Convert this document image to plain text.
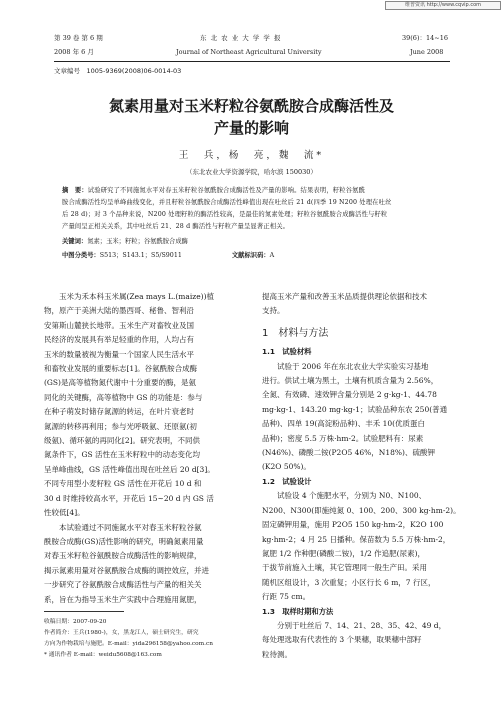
维普资讯 http://www.cqvip.com
第 39 卷 第 6 期	东 北 农 业 大 学 学 报	39(6)：14~16
2008 年 6 月	Journal of Northeast Agricultural University	June 2008
文章编号　1005-9369(2008)06-0014-03
氮素用量对玉米籽粒谷氨酰胺合成酶活性及
产量的影响
王　兵，杨　亮，魏　流*
（东北农业大学资源学院，哈尔滨 150030）
摘　要：试验研究了不同施氮水平对春玉米籽粒谷氨酰胺合成酶活性及产量的影响。结果表明，籽粒谷氨酰
胺合成酶活性均呈单峰曲线变化，并且籽粒谷氨酰胺合成酶活性峰值出现在吐丝后 21 d(四季 19 N200 处理在吐丝
后 28 d)；对 3 个品种来说，N200 处理籽粒的酶活性较高，是最佳的氮素处理；籽粒谷氨酰胺合成酶活性与籽粒
产量间呈正相关关系，其中吐丝后 21、28 d 酶活性与籽粒产量呈显著正相关。
关键词：氮素；玉米；籽粒；谷氨酰胺合成酶
中图分类号：S513；S143.1；S5/S9011	文献标识码：A
玉米为禾本科玉米属(Zea mays L.(maize))植
物，原产于美洲大陆的墨西哥、秘鲁、智利沿
安第斯山麓狭长地带。玉米生产对畜牧业及国
民经济的发展具有举足轻重的作用，人均占有
玉米的数量被视为衡量一个国家人民生活水平
和畜牧业发展的重要标志[1]。谷氨酰胺合成酶
(GS)是高等植物氮代谢中十分重要的酶，是氨
同化的关键酶，高等植物中 GS 的功能是：参与
在种子萌发时储存氮源的转运，在叶片衰老时
氮源的转移再利用；参与光呼吸氨、还原氨(初
级氨)、循环氨的再同化[2]。研究表明，不同供
氮条件下，GS 活性在玉米籽粒中的动态变化均
呈单峰曲线，GS 活性峰值出现在吐丝后 20 d[3]。
不同专用型小麦籽粒 GS 活性在开花后 10 d 和
30 d 时维持较高水平，开花后 15~20 d 内 GS 活
性较低[4]。
本试验通过不同施氮水平对春玉米籽粒谷氨
酰胺合成酶(GS)活性影响的研究，明确氮素用量
对春玉米籽粒谷氨酰胺合成酶活性的影响规律，
揭示氮素用量对谷氨酰胺合成酶的调控效应，并进
一步研究了谷氨酰胺合成酶活性与产量的相关关
系，旨在为指导玉米生产实践中合理施用氮肥，
收稿日期：2007-09-20
作者简介：王兵(1980-)，女，黑龙江人，硕士研究生，研究
方向为作物栽培与施肥。E-mail：yida296158@yahoo.com.cn
* 通讯作者 E-mail：weidu5608@163.com
提高玉米产量和改善玉米品质提供理论依据和技术
支持。
1　材料与方法
1.1　试验材料
试验于 2006 年在东北农业大学实验实习基地
进行。供试土壤为黑土，土壤有机质含量为 2.56%，
全氮、有效磷、速效钾含量分别是 2 g·kg-1、44.78
mg·kg-1、143.20 mg·kg-1；试验品种东农 250(普通
品种)、四单 19(高淀粉品种)、丰禾 10(优质蛋白
品种)；密度 5.5 万株·hm-2。试验肥料有：尿素
(N46%)、磷酸二铵(P2O5 46%，N18%)、硫酸钾
(K2O 50%)。
1.2　试验设计
试验设 4 个施肥水平，分别为 N0、N100、
N200、N300(即施纯氮 0、100、200、300 kg·hm-2)。
固定磷钾用量，施用 P2O5 150 kg·hm-2，K2O 100
kg·hm-2；4 月 25 日播种。保苗数为 5.5 万株·hm-2，
氮肥 1/2 作种肥(磷酸二铵)，1/2 作追肥(尿素)，
于拔节前施入土壤，其它管理同一般生产田。采用
随机区组设计，3 次重复；小区行长 6 m，7 行区，
行距 75 cm。
1.3　取样时期和方法
分别于吐丝后 7、14、21、28、35、42、49 d，
每处理选取有代表性的 3 个果穗，取果穗中部籽
粒待测。
